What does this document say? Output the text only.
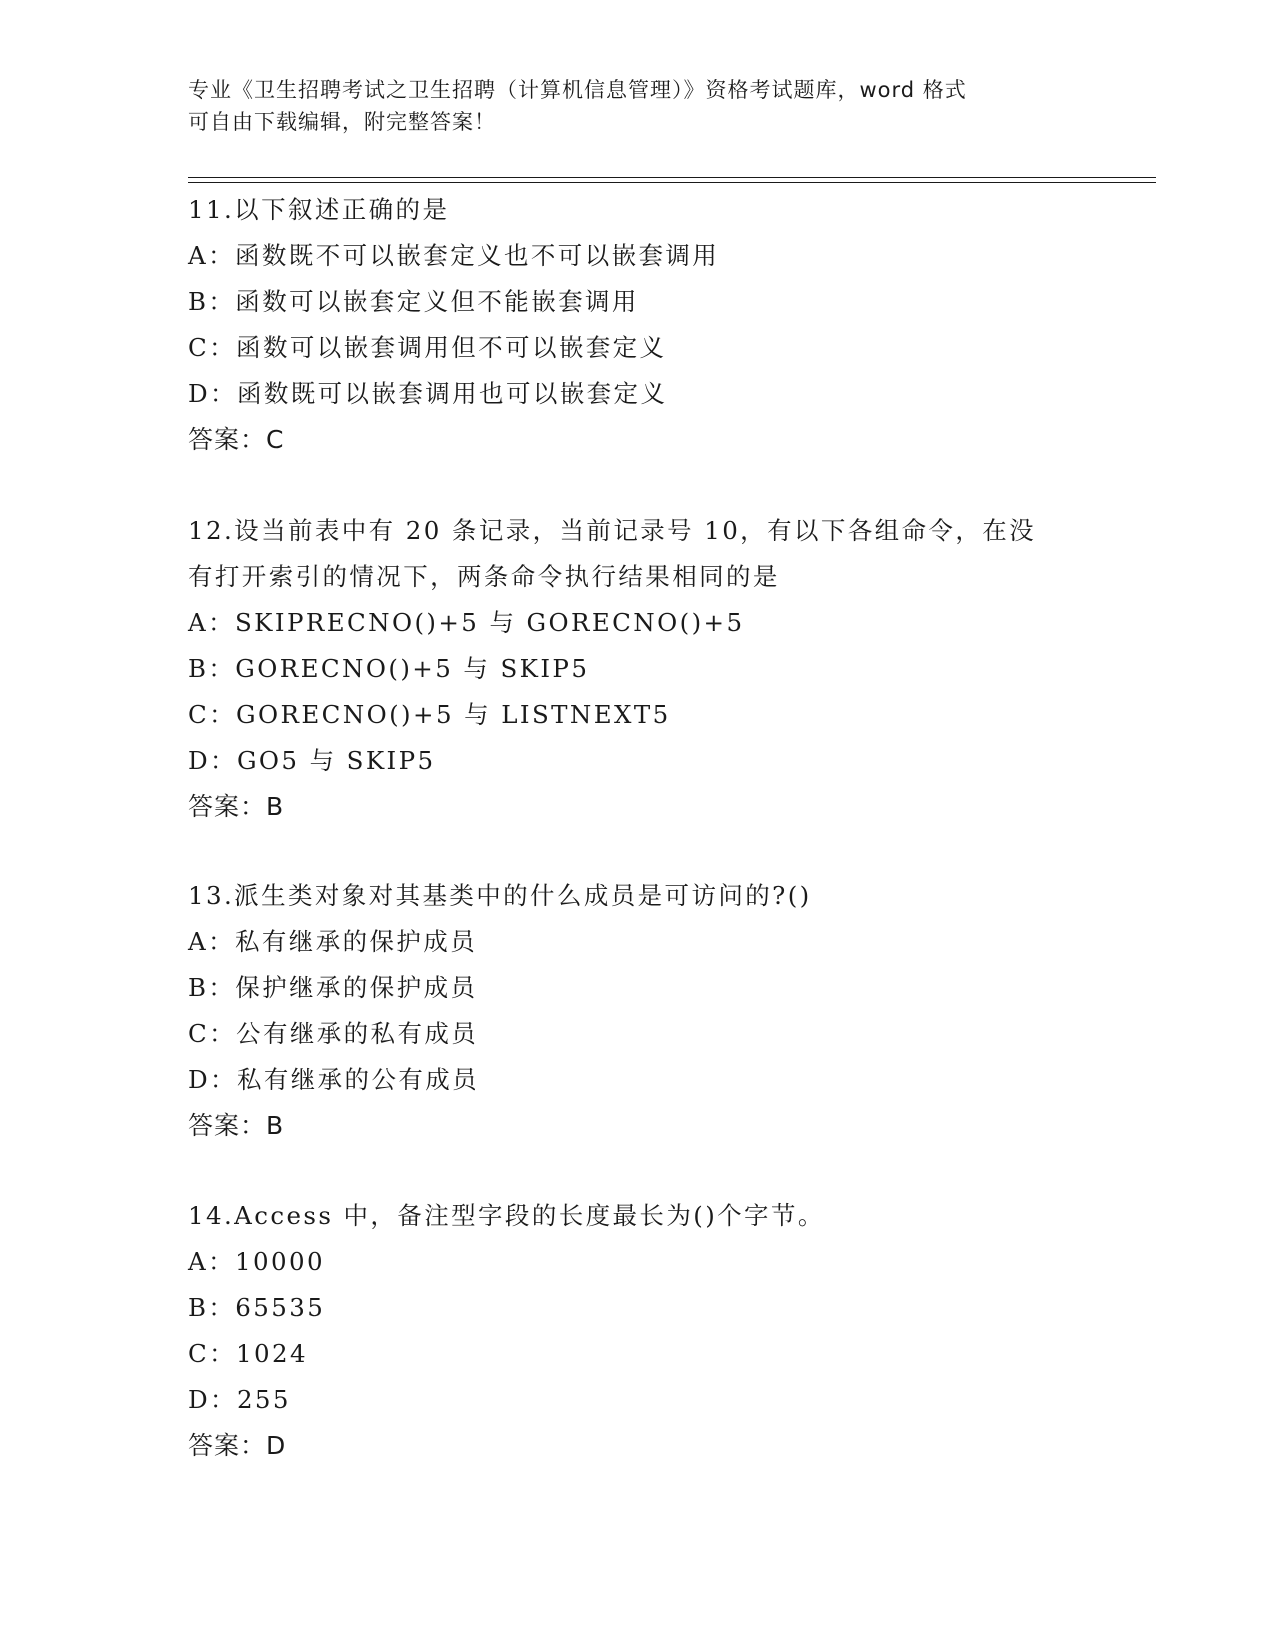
专业《卫生招聘考试之卫生招聘（计算机信息管理）》资格考试题库，word 格式
可自由下载编辑，附完整答案！

11.以下叙述正确的是

A：函数既不可以嵌套定义也不可以嵌套调用

B：函数可以嵌套定义但不能嵌套调用

C：函数可以嵌套调用但不可以嵌套定义

D：函数既可以嵌套调用也可以嵌套定义

答案：C

12.设当前表中有 20 条记录，当前记录号 10，有以下各组命令，在没

有打开索引的情况下，两条命令执行结果相同的是

A：SKIPRECNO()+5 与 GORECNO()+5

B：GORECNO()+5 与 SKIP5

C：GORECNO()+5 与 LISTNEXT5

D：GO5 与 SKIP5

答案：B

13.派生类对象对其基类中的什么成员是可访问的?()

A：私有继承的保护成员

B：保护继承的保护成员

C：公有继承的私有成员

D：私有继承的公有成员

答案：B

14.Access 中，备注型字段的长度最长为()个字节。

A：10000

B：65535

C：1024

D：255

答案：D
